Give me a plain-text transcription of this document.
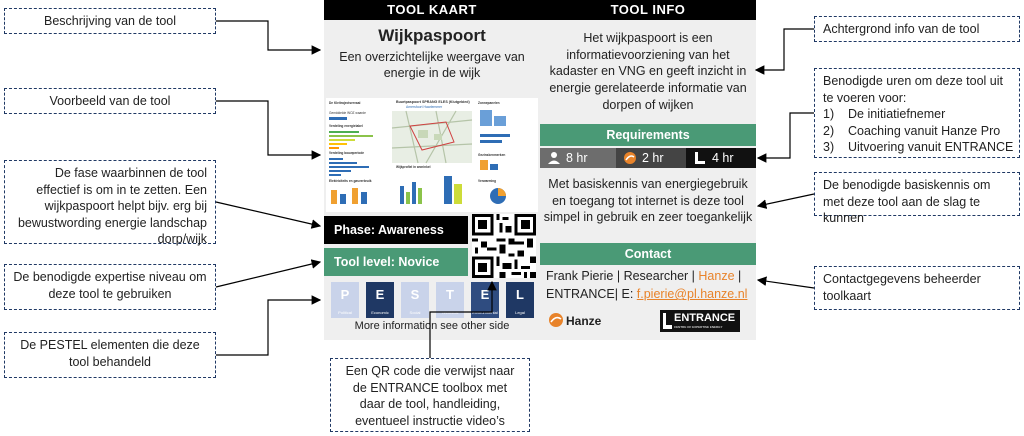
TOOL KAART	TOOL INFO
Wijkpaspoort
Een overzichtelijke weergave van energie in de wijk
De Kleitrajectservaal
Gemiddelde WOZ waarde
Verdeling energielabel
Verdeling bouwperiode
Elektriciteits en gasverbruik
Buurtpaspoort SPRANG ELES (Klutgebied)
Amersfoort Haarlemmer
Zonnepanelen
Gezinskenmerken
Verwarming
Wijkprofiel in woninkel
Het wijkpaspoort is een informatievoorziening van het kadaster en VNG en geeft inzicht in energie gerelateerde informatie van dorpen of wijken
Requirements
8 hr	2 hr	4 hr
Met basiskennis van energiegebruik en toegang tot internet is deze tool simpel in gebruik en zeer toegankelijk
Contact
Frank Pierie | Researcher | Hanze |
ENTRANCE| E: f.pierie@pl.hanze.nl
Phase: Awareness
Tool level: Novice
P
Political
E
Economic
S
Social
T
Technical
E
Environmental
L
Legal
More information see other side	Hanze	ENTRANCE
CENTRE OF EXPERTISE ENERGY
Beschrijving van de tool
Voorbeeld van de tool
De fase waarbinnen de tool effectief is om in te zetten. Een wijkpaspoort helpt bijv. erg bij bewustwording energie landschap dorp/wijk
De benodigde expertise niveau om deze tool te gebruiken
De PESTEL elementen die deze tool behandeld
Een QR code die verwijst naar de ENTRANCE toolbox met daar de tool, handleiding, eventueel instructie video’s
Achtergrond info van de tool
Benodigde uren om deze tool uit te voeren voor:
1)    De initiatiefnemer
2)    Coaching vanuit Hanze Pro
3)    Uitvoering vanuit ENTRANCE
De benodigde basiskennis om met deze tool aan de slag te kunnen
Contactgegevens beheerder toolkaart
